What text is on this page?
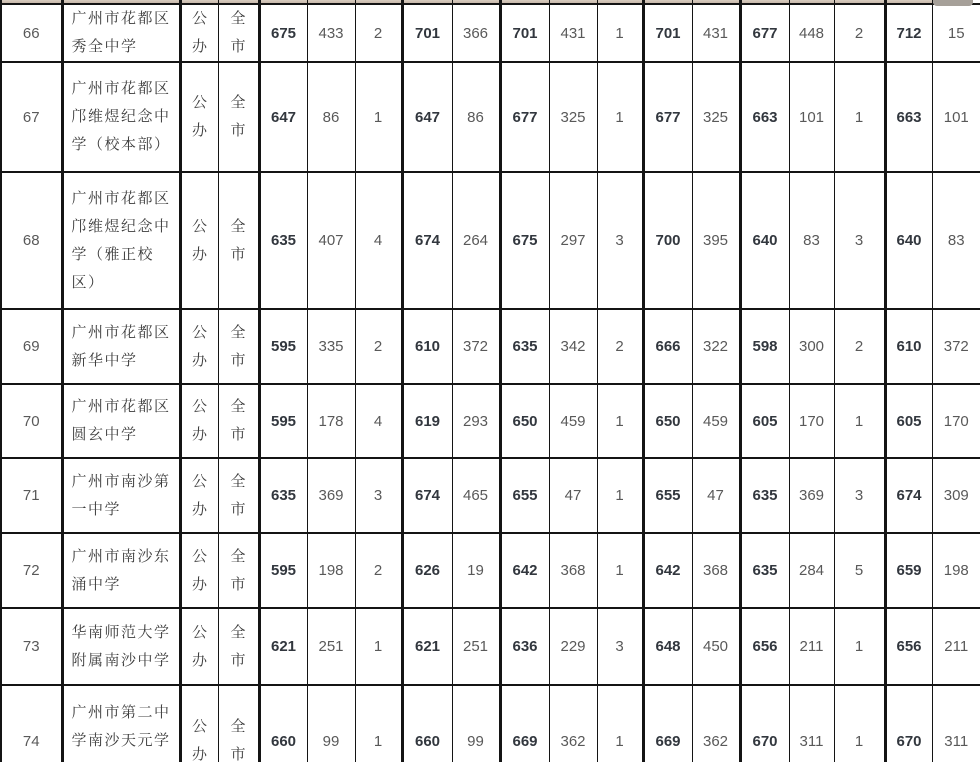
66	广州市花都区秀全中学	公办	全市	675	433	2	701	366	701	431	1	701	431	677	448	2	712	15
67	广州市花都区邝维煜纪念中学（校本部）	公办	全市	647	86	1	647	86	677	325	1	677	325	663	101	1	663	101
68	广州市花都区邝维煜纪念中学（雅正校区）	公办	全市	635	407	4	674	264	675	297	3	700	395	640	83	3	640	83
69	广州市花都区新华中学	公办	全市	595	335	2	610	372	635	342	2	666	322	598	300	2	610	372
70	广州市花都区圆玄中学	公办	全市	595	178	4	619	293	650	459	1	650	459	605	170	1	605	170
71	广州市南沙第一中学	公办	全市	635	369	3	674	465	655	47	1	655	47	635	369	3	674	309
72	广州市南沙东涌中学	公办	全市	595	198	2	626	19	642	368	1	642	368	635	284	5	659	198
73	华南师范大学附属南沙中学	公办	全市	621	251	1	621	251	636	229	3	648	450	656	211	1	656	211
74	广州市第二中学南沙天元学	公办	全市	660	99	1	660	99	669	362	1	669	362	670	311	1	670	311
